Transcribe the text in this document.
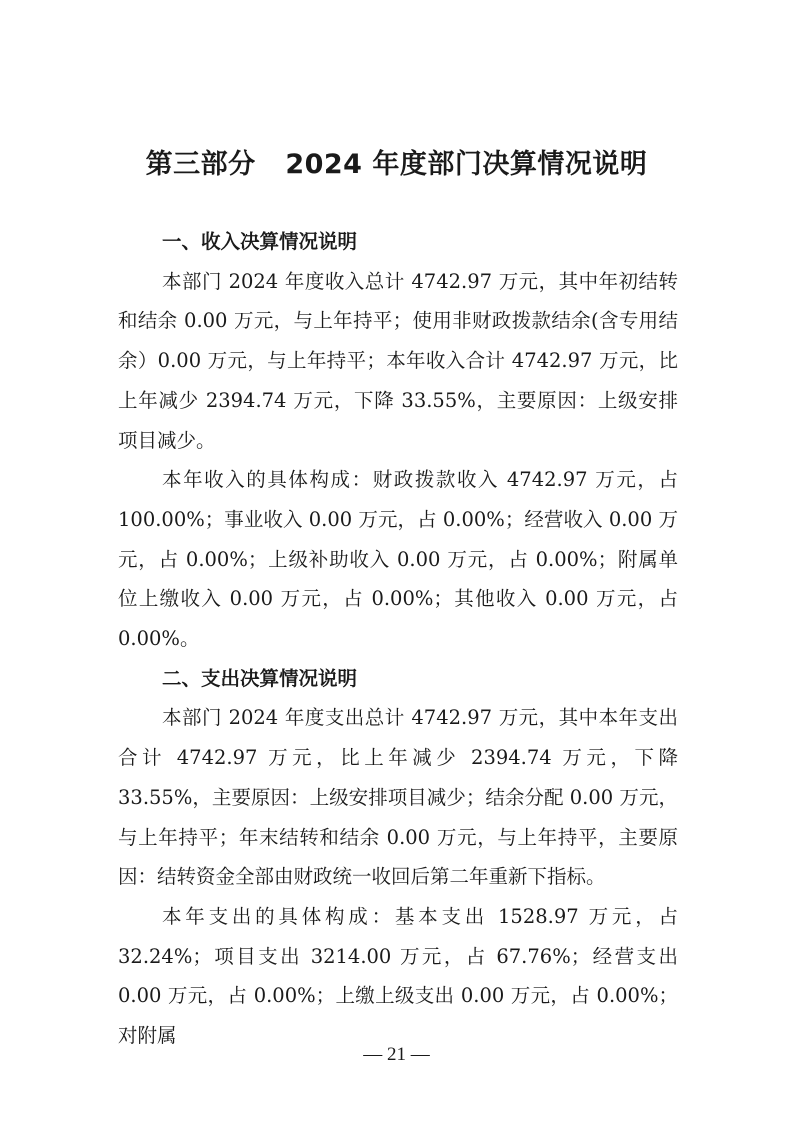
第三部分   2024 年度部门决算情况说明

一、收入决算情况说明

本部门 2024 年度收入总计 4742.97 万元，其中年初结转和结余 0.00 万元，与上年持平；使用非财政拨款结余(含专用结余）0.00 万元，与上年持平；本年收入合计 4742.97 万元，比上年减少 2394.74 万元，下降 33.55%，主要原因：上级安排项目减少。

本年收入的具体构成：财政拨款收入 4742.97 万元，占 100.00%；事业收入 0.00 万元，占 0.00%；经营收入 0.00 万元，占 0.00%；上级补助收入 0.00 万元，占 0.00%；附属单位上缴收入 0.00 万元，占 0.00%；其他收入 0.00 万元，占 0.00%。

二、支出决算情况说明

本部门 2024 年度支出总计 4742.97 万元，其中本年支出合计 4742.97 万元，比上年减少 2394.74 万元，下降 33.55%，主要原因：上级安排项目减少；结余分配 0.00 万元，与上年持平；年末结转和结余 0.00 万元，与上年持平，主要原因：结转资金全部由财政统一收回后第二年重新下指标。

本年支出的具体构成：基本支出 1528.97 万元，占 32.24%；项目支出 3214.00 万元，占 67.76%；经营支出 0.00 万元，占 0.00%；上缴上级支出 0.00 万元，占 0.00%；对附属

— 21 —
